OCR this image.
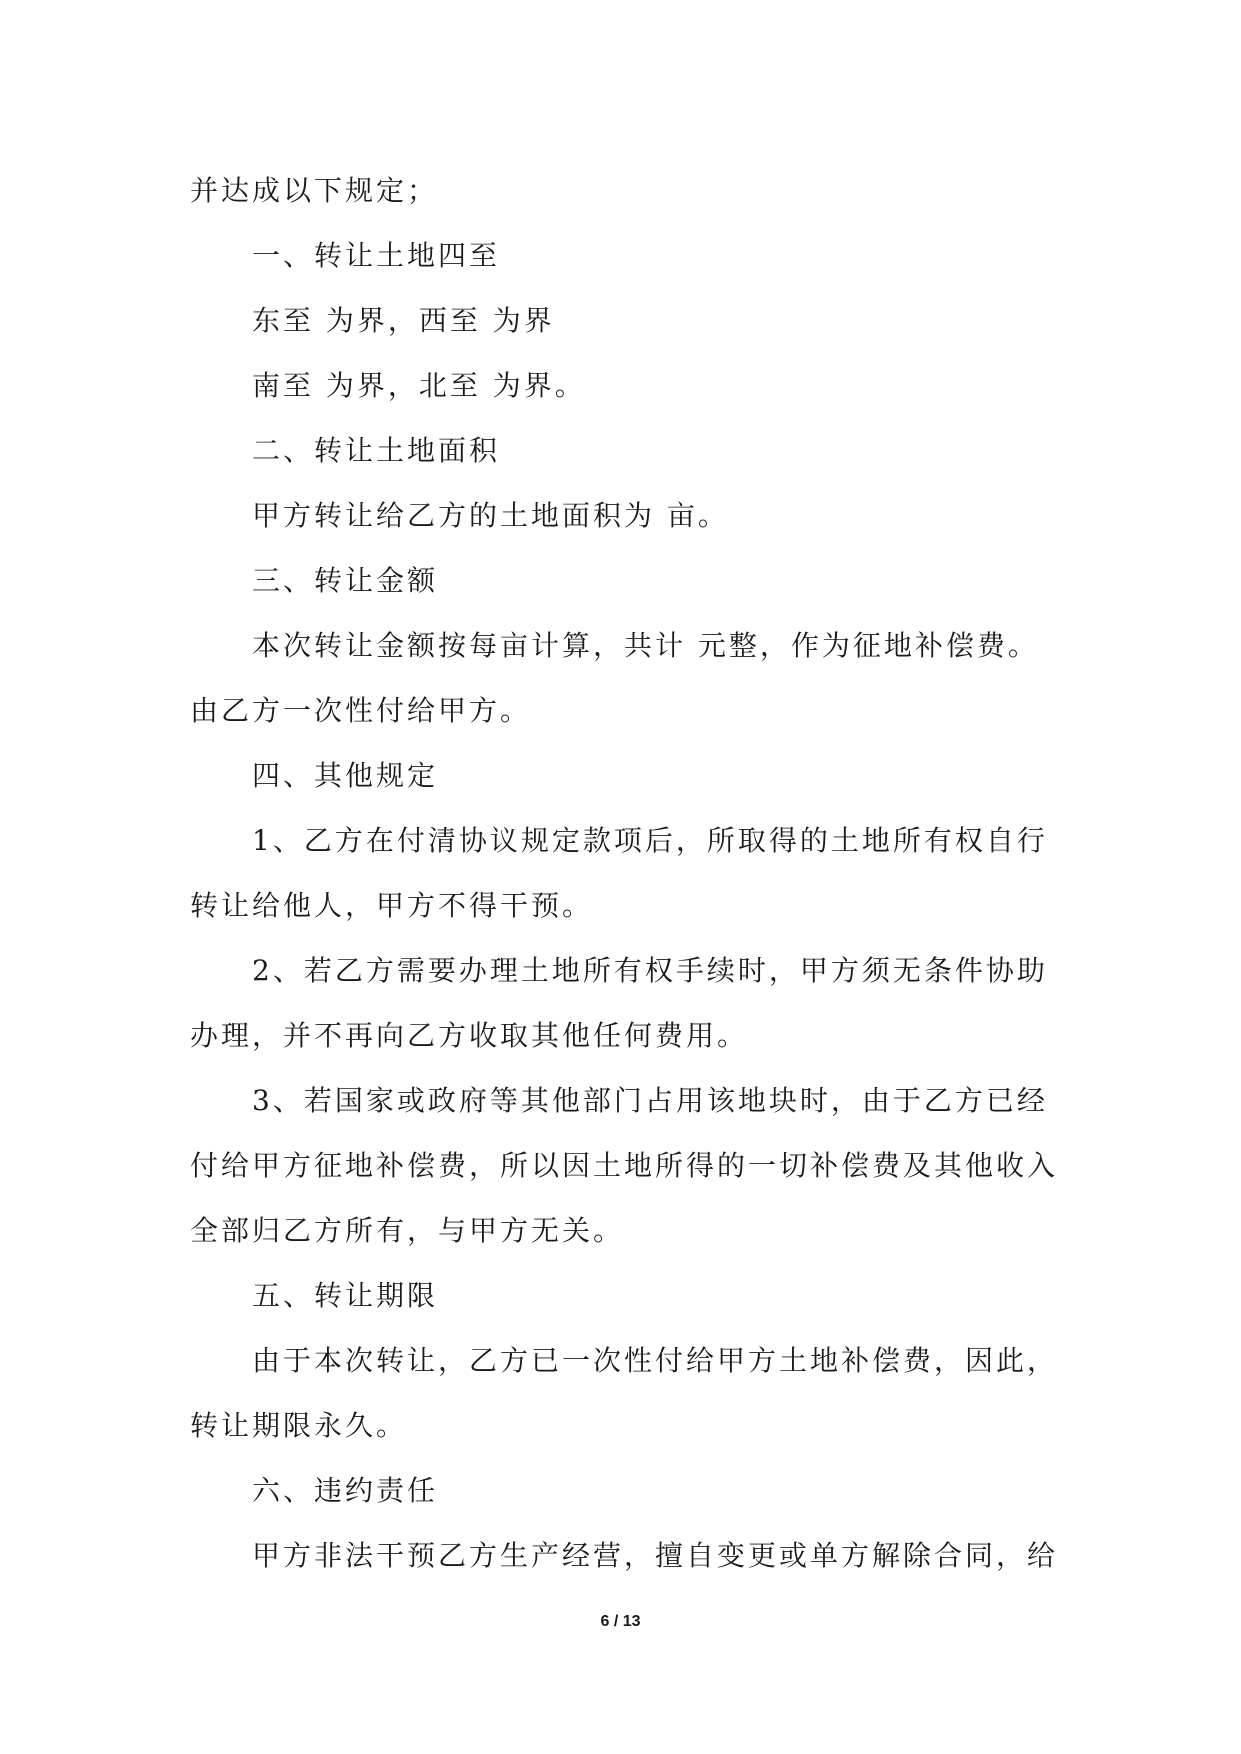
并达成以下规定；
一、转让土地四至
东至 为界，西至 为界
南至 为界，北至 为界。
二、转让土地面积
甲方转让给乙方的土地面积为 亩。
三、转让金额
本次转让金额按每亩计算，共计 元整，作为征地补偿费。
由乙方一次性付给甲方。
四、其他规定
1、乙方在付清协议规定款项后，所取得的土地所有权自行
转让给他人，甲方不得干预。
2、若乙方需要办理土地所有权手续时，甲方须无条件协助
办理，并不再向乙方收取其他任何费用。
3、若国家或政府等其他部门占用该地块时，由于乙方已经
付给甲方征地补偿费，所以因土地所得的一切补偿费及其他收入
全部归乙方所有，与甲方无关。
五、转让期限
由于本次转让，乙方已一次性付给甲方土地补偿费，因此，
转让期限永久。
六、违约责任
甲方非法干预乙方生产经营，擅自变更或单方解除合同，给
6 / 13
